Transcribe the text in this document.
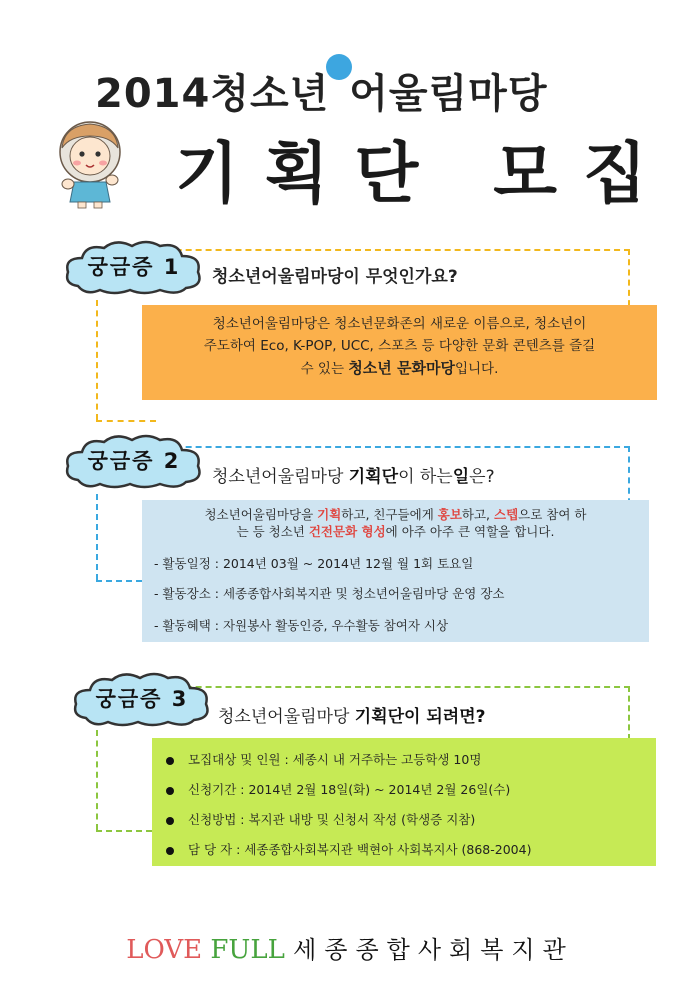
2014청소년 어울림마당
기획단 모집
궁금증 1	청소년어울림마당이 무엇인가요?
청소년어울림마당은 청소년문화존의 새로운 이름으로, 청소년이
주도하여 Eco, K-POP, UCC, 스포츠 등 다양한 문화 콘텐츠를 즐길
수 있는 청소년 문화마당입니다.
궁금증 2
청소년어울림마당 기획단이 하는일은?
청소년어울림마당을 기획하고, 친구들에게 홍보하고, 스텝으로 참여 하
는 등 청소년 건전문화 형성에 아주 아주 큰 역할을 합니다.
- 활동일정 : 2014년 03월 ~ 2014년 12월 월 1회 토요일
- 활동장소 : 세종종합사회복지관 및 청소년어울림마당 운영 장소
- 활동혜택 : 자원봉사 활동인증, 우수활동 참여자 시상
궁금증 3
청소년어울림마당 기획단이 되려면?
모집대상 및 인원 : 세종시 내 거주하는 고등학생 10명
신청기간 : 2014년 2월 18일(화) ~ 2014년 2월 26일(수)
신청방법 : 복지관 내방 및 신청서 작성 (학생증 지참)
담 당 자 : 세종종합사회복지관 백현아 사회복지사 (868-2004)
LOVE FULL 세종종합사회복지관
